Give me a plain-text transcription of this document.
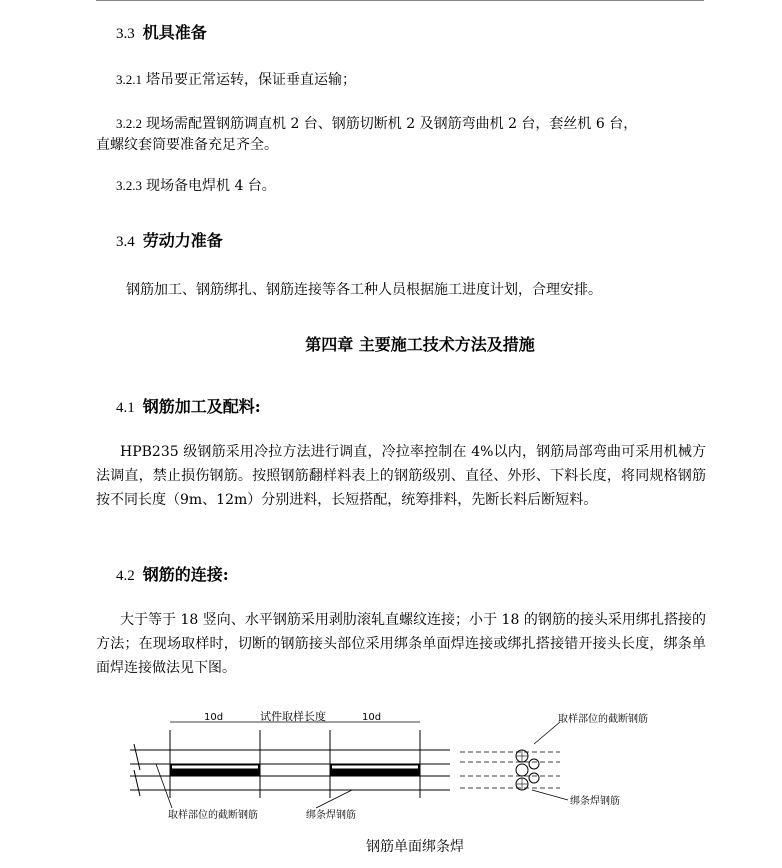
3.3 机具准备
3.2.1 塔吊要正常运转，保证垂直运输；
3.2.2 现场需配置钢筋调直机 2 台、钢筋切断机 2 及钢筋弯曲机 2 台，套丝机 6 台，
直螺纹套筒要准备充足齐全。
3.2.3 现场备电焊机 4 台。
3.4 劳动力准备
钢筋加工、钢筋绑扎、钢筋连接等各工种人员根据施工进度计划，合理安排。
第四章 主要施工技术方法及措施
4.1 钢筋加工及配料:
HPB235 级钢筋采用冷拉方法进行调直，冷拉率控制在 4%以内，钢筋局部弯曲可采用机械方法调直，禁止损伤钢筋。按照钢筋翻样料表上的钢筋级别、直径、外形、下料长度，将同规格钢筋按不同长度（9m、12m）分别进料，长短搭配，统筹排料，先断长料后断短料。
4.2 钢筋的连接:
大于等于 18 竖向、水平钢筋采用剥肋滚轧直螺纹连接；小于 18 的钢筋的接头采用绑扎搭接的方法；在现场取样时，切断的钢筋接头部位采用绑条单面焊连接或绑扎搭接错开接头长度，绑条单面焊连接做法见下图。
10d	试件取样长度	10d
取样部位的截断钢筋	绑条焊钢筋
取样部位的截断钢筋
绑条焊钢筋
钢筋单面绑条焊
